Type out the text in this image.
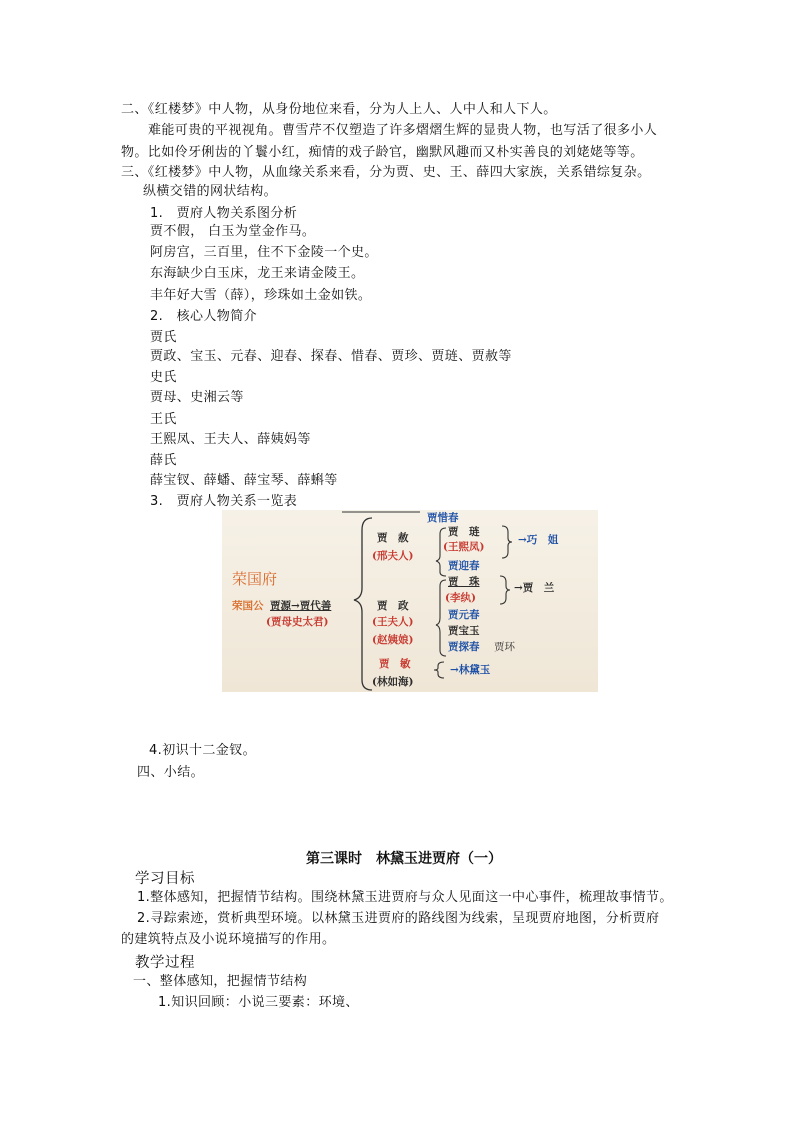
二、《红楼梦》中人物，从身份地位来看，分为人上人、人中人和人下人。
难能可贵的平视视角。曹雪芹不仅塑造了许多熠熠生辉的显贵人物，也写活了很多小人
物。比如伶牙俐齿的丫鬟小红，痴情的戏子龄官，幽默风趣而又朴实善良的刘姥姥等等。
三、《红楼梦》中人物，从血缘关系来看，分为贾、史、王、薛四大家族，关系错综复杂。
纵横交错的网状结构。
1.　贾府人物关系图分析
贾不假， 白玉为堂金作马。
阿房宫，三百里，住不下金陵一个史。
东海缺少白玉床，龙王来请金陵王。
丰年好大雪（薛），珍珠如土金如铁。
2.　核心人物简介
贾氏
贾政、宝玉、元春、迎春、探春、惜春、贾珍、贾琏、贾赦等
史氏
贾母、史湘云等
王氏
王熙凤、王夫人、薛姨妈等
薛氏
薛宝钗、薛蟠、薛宝琴、薛蝌等
3.　贾府人物关系一览表
贾惜春
荣国府
荣国公 贾源→贾代善
(贾母史太君)
贾　赦
(邢夫人)
贾　政
(王夫人)
(赵姨娘)
贾　敏
(林如海)
贾　琏
(王熙凤)
贾迎春
→巧　姐
贾　珠
(李纨)
→贾　兰
贾元春
贾宝玉
贾探春 贾环
→林黛玉
4.初识十二金钗。
四、小结。
第三课时　林黛玉进贾府（一）
学习目标
1.整体感知，把握情节结构。围绕林黛玉进贾府与众人见面这一中心事件，梳理故事情节。
2.寻踪索迹，赏析典型环境。以林黛玉进贾府的路线图为线索，呈现贾府地图，分析贾府
的建筑特点及小说环境描写的作用。
教学过程
一、整体感知，把握情节结构
1.知识回顾：小说三要素：环境、
